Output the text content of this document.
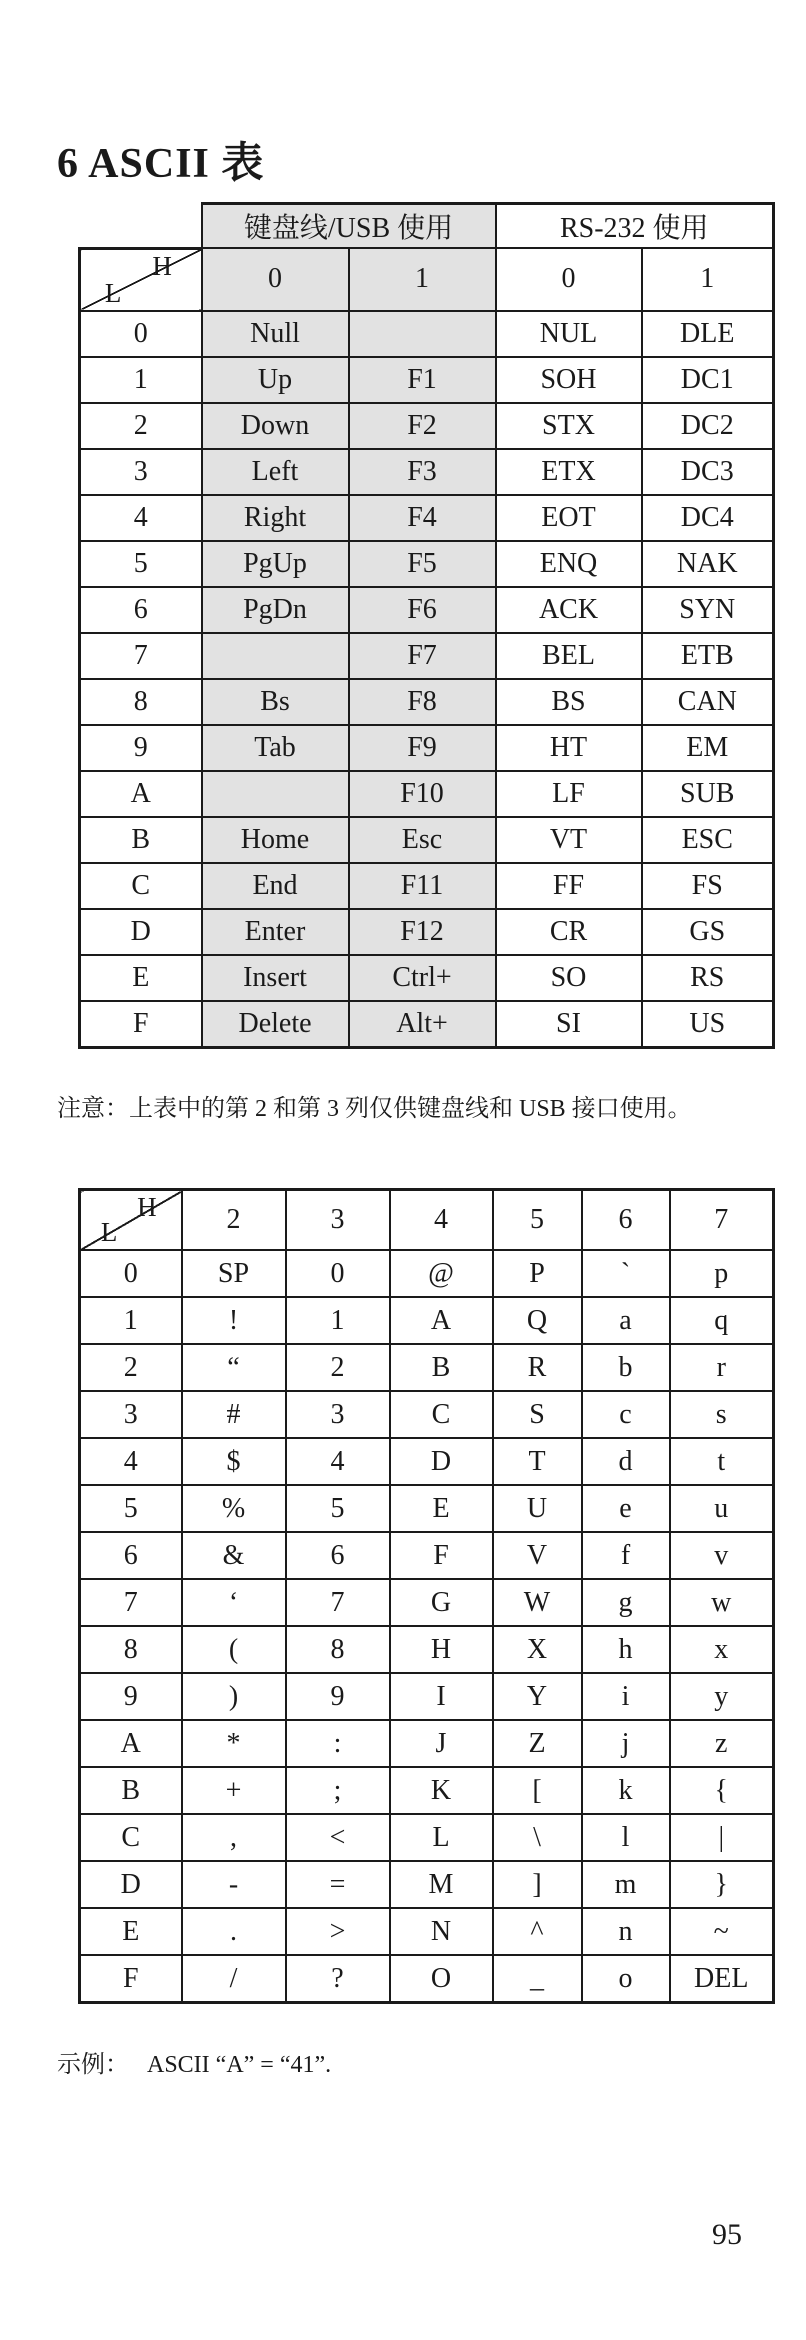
6 ASCII 表
	键盘线/USB 使用		RS-232 使用	

H
L	0	1	0	1
0	Null		NUL	DLE
1	Up	F1	SOH	DC1
2	Down	F2	STX	DC2
3	Left	F3	ETX	DC3
4	Right	F4	EOT	DC4
5	PgUp	F5	ENQ	NAK
6	PgDn	F6	ACK	SYN
7		F7	BEL	ETB
8	Bs	F8	BS	CAN
9	Tab	F9	HT	EM
A		F10	LF	SUB
B	Home	Esc	VT	ESC
C	End	F11	FF	FS
D	Enter	F12	CR	GS
E	Insert	Ctrl+	SO	RS
F	Delete	Alt+	SI	US
注意：上表中的第 2 和第 3 列仅供键盘线和 USB 接口使用。
H
L	2	3	4	5	6	7
0	SP	0	@	P	`	p
1	!	1	A	Q	a	q
2	“	2	B	R	b	r
3	#	3	C	S	c	s
4	$	4	D	T	d	t
5	%	5	E	U	e	u
6	&	6	F	V	f	v
7	‘	7	G	W	g	w
8	(	8	H	X	h	x
9	)	9	I	Y	i	y
A	*	:	J	Z	j	z
B	+	;	K	[	k	{
C	,	<	L	\	l	|
D	-	=	M	]	m	}
E	.	>	N	^	n	~
F	/	?	O	_	o	DEL
示例：   ASCII “A” = “41”.
95
